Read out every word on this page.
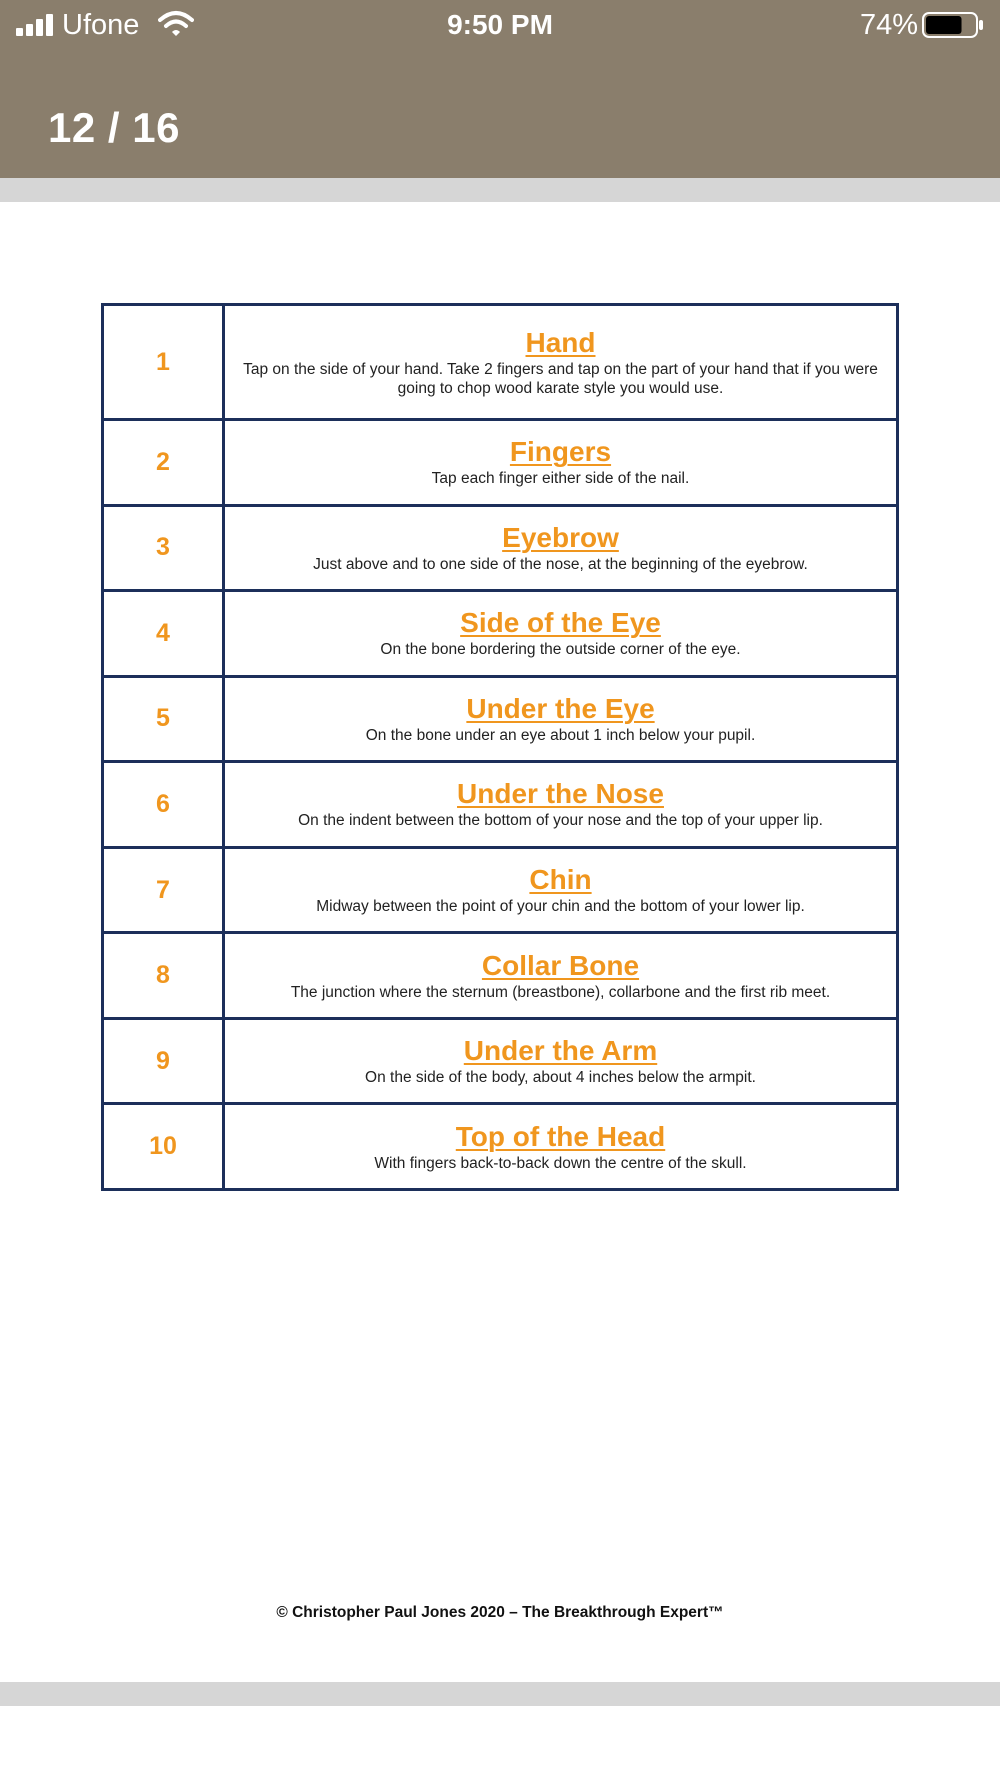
Ufone	9:50 PM	74%
12 / 16
1	Hand
Tap on the side of your hand. Take 2 fingers and tap on the part of your hand that if you were going to chop wood karate style you would use.

2	Fingers
Tap each finger either side of the nail.

3	Eyebrow
Just above and to one side of the nose, at the beginning of the eyebrow.

4	Side of the Eye
On the bone bordering the outside corner of the eye.

5	Under the Eye
On the bone under an eye about 1 inch below your pupil.

6	Under the Nose
On the indent between the bottom of your nose and the top of your upper lip.

7	Chin
Midway between the point of your chin and the bottom of your lower lip.

8	Collar Bone
The junction where the sternum (breastbone), collarbone and the first rib meet.

9	Under the Arm
On the side of the body, about 4 inches below the armpit.

10	Top of the Head
With fingers back-to-back down the centre of the skull.
© Christopher Paul Jones 2020 – The Breakthrough Expert™
